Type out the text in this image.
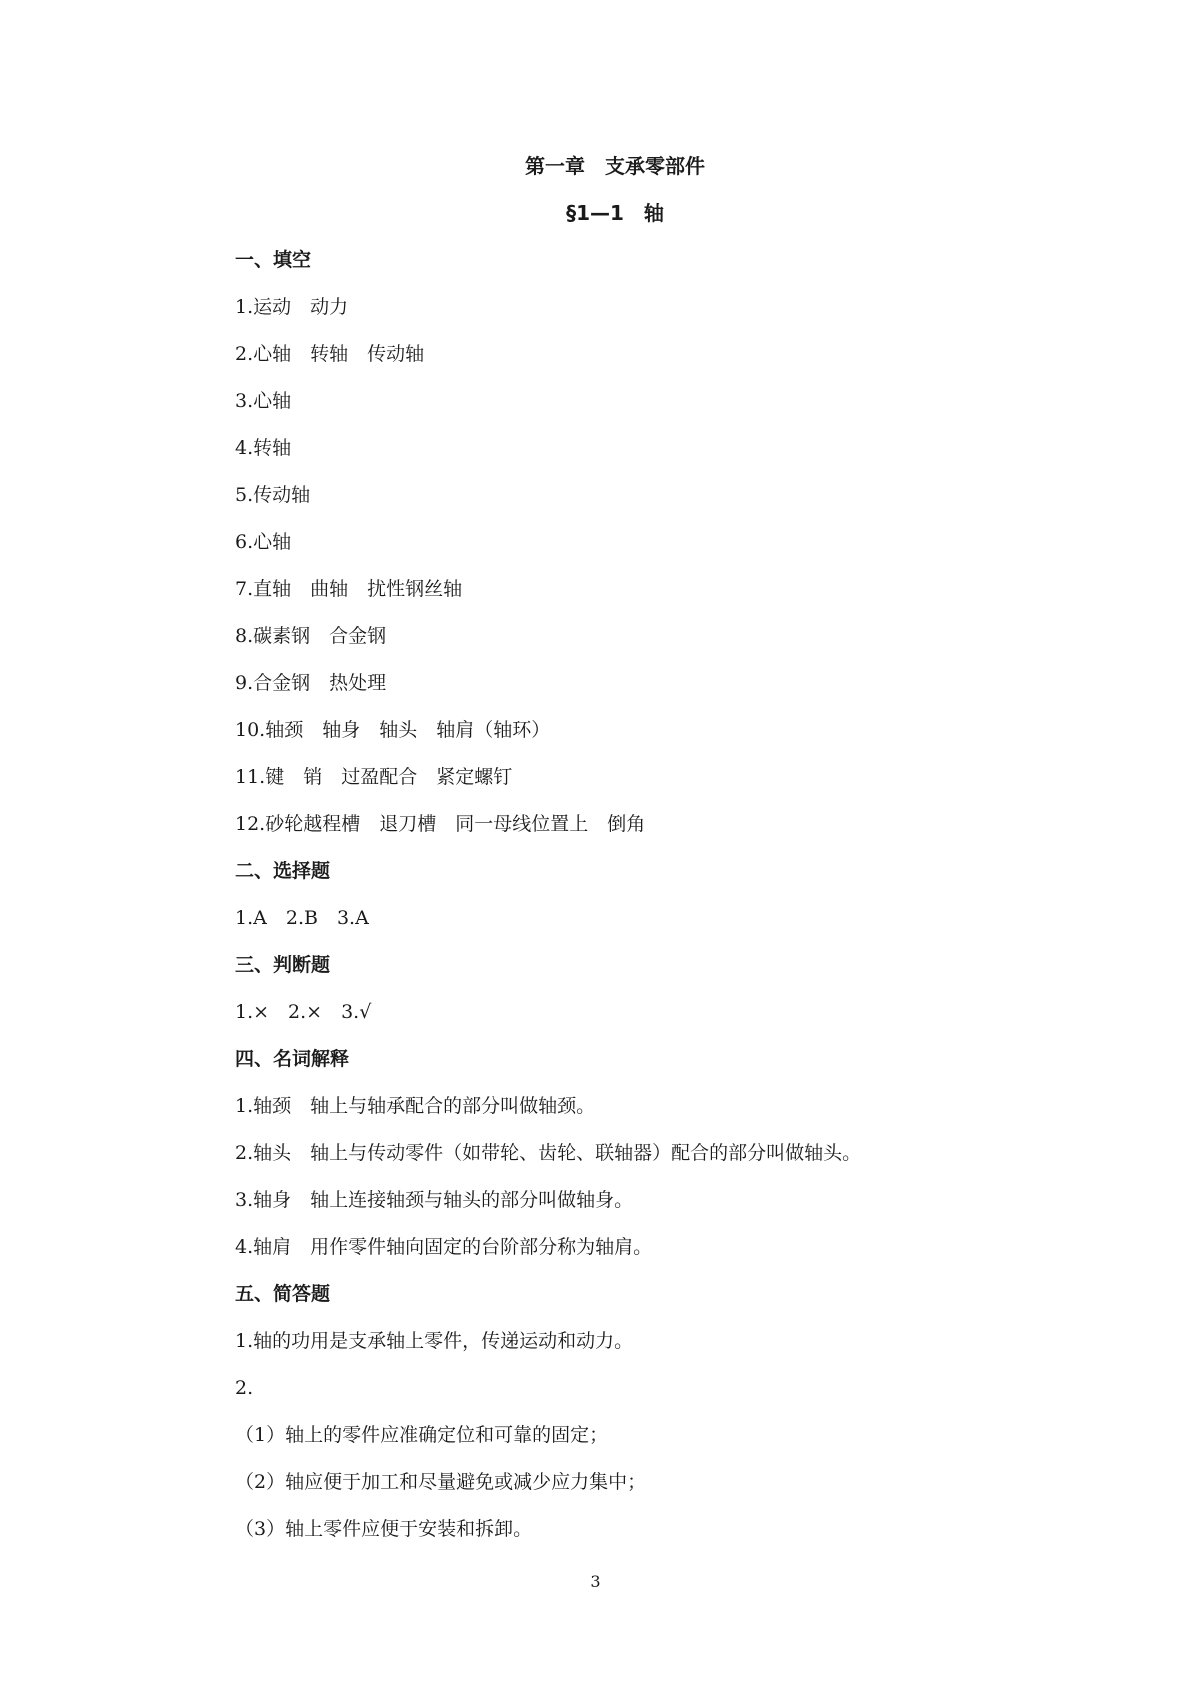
第一章　支承零部件
§1—1　轴
一、填空
1.运动　动力
2.心轴　转轴　传动轴
3.心轴
4.转轴
5.传动轴
6.心轴
7.直轴　曲轴　扰性钢丝轴
8.碳素钢　合金钢
9.合金钢　热处理
10.轴颈　轴身　轴头　轴肩（轴环）
11.键　销　过盈配合　紧定螺钉
12.砂轮越程槽　退刀槽　同一母线位置上　倒角
二、选择题
1.A　2.B　3.A
三、判断题
1.×　2.×　3.√
四、名词解释
1.轴颈　轴上与轴承配合的部分叫做轴颈。
2.轴头　轴上与传动零件（如带轮、齿轮、联轴器）配合的部分叫做轴头。
3.轴身　轴上连接轴颈与轴头的部分叫做轴身。
4.轴肩　用作零件轴向固定的台阶部分称为轴肩。
五、简答题
1.轴的功用是支承轴上零件，传递运动和动力。
2.
（1）轴上的零件应准确定位和可靠的固定；
（2）轴应便于加工和尽量避免或减少应力集中；
（3）轴上零件应便于安装和拆卸。
3
